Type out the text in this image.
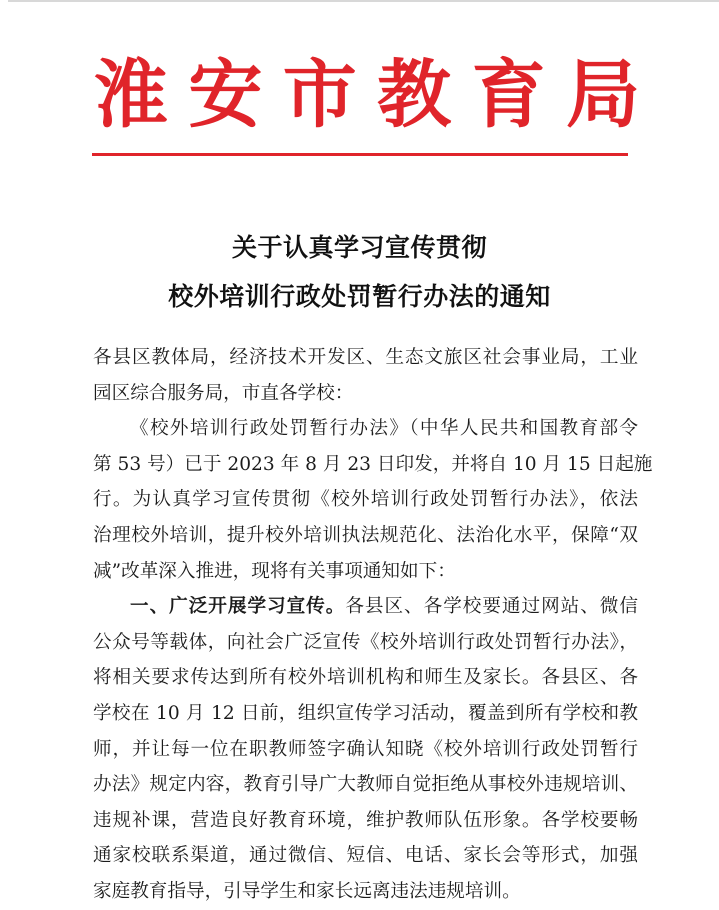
淮 安 市 教 育 局
关于认真学习宣传贯彻
校外培训行政处罚暂行办法的通知
各县区教体局，经济技术开发区、生态文旅区社会事业局，工业
园区综合服务局，市直各学校：
《校外培训行政处罚暂行办法》（中华人民共和国教育部令
第 53 号）已于 2023 年 8 月 23 日印发，并将自 10 月 15 日起施
行。为认真学习宣传贯彻《校外培训行政处罚暂行办法》，依法
治理校外培训，提升校外培训执法规范化、法治化水平，保障“双
减”改革深入推进，现将有关事项通知如下：
一、广泛开展学习宣传。各县区、各学校要通过网站、微信
公众号等载体，向社会广泛宣传《校外培训行政处罚暂行办法》，
将相关要求传达到所有校外培训机构和师生及家长。各县区、各
学校在 10 月 12 日前，组织宣传学习活动，覆盖到所有学校和教
师，并让每一位在职教师签字确认知晓《校外培训行政处罚暂行
办法》规定内容，教育引导广大教师自觉拒绝从事校外违规培训、
违规补课，营造良好教育环境，维护教师队伍形象。各学校要畅
通家校联系渠道，通过微信、短信、电话、家长会等形式，加强
家庭教育指导，引导学生和家长远离违法违规培训。
